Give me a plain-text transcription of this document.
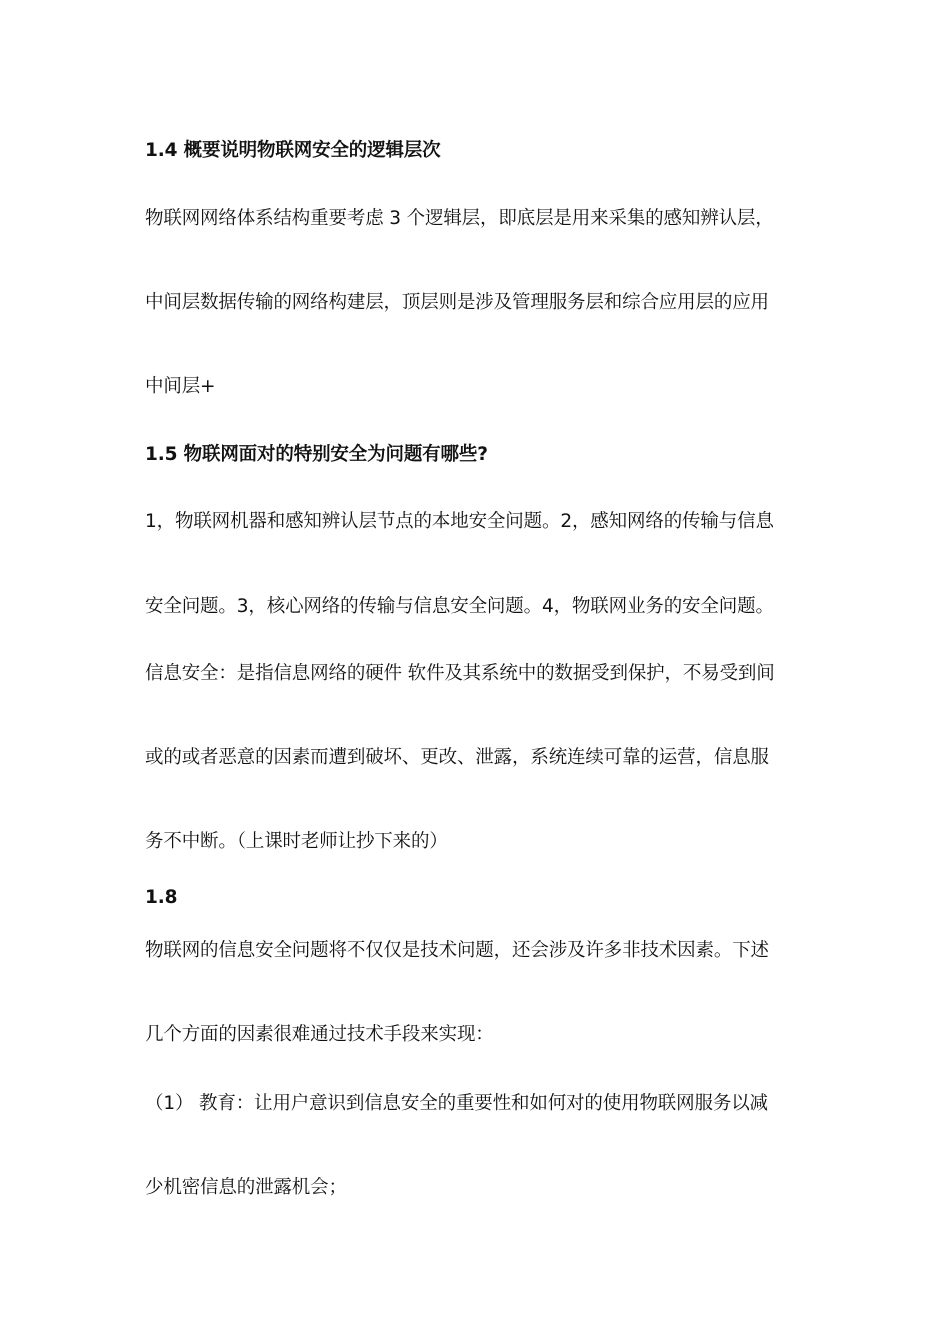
1.4 概要说明物联网安全的逻辑层次
物联网网络体系结构重要考虑 3 个逻辑层，即底层是用来采集的感知辨认层，
中间层数据传输的网络构建层，顶层则是涉及管理服务层和综合应用层的应用
中间层+
1.5 物联网面对的特别安全为问题有哪些?
1，物联网机器和感知辨认层节点的本地安全问题。2，感知网络的传输与信息
安全问题。3，核心网络的传输与信息安全问题。4，物联网业务的安全问题。
信息安全：是指信息网络的硬件 软件及其系统中的数据受到保护，不易受到间
或的或者恶意的因素而遭到破坏、更改、泄露，系统连续可靠的运营，信息服
务不中断。（上课时老师让抄下来的）
1.8
物联网的信息安全问题将不仅仅是技术问题，还会涉及许多非技术因素。下述
几个方面的因素很难通过技术手段来实现：
（1） 教育：让用户意识到信息安全的重要性和如何对的使用物联网服务以减
少机密信息的泄露机会；
